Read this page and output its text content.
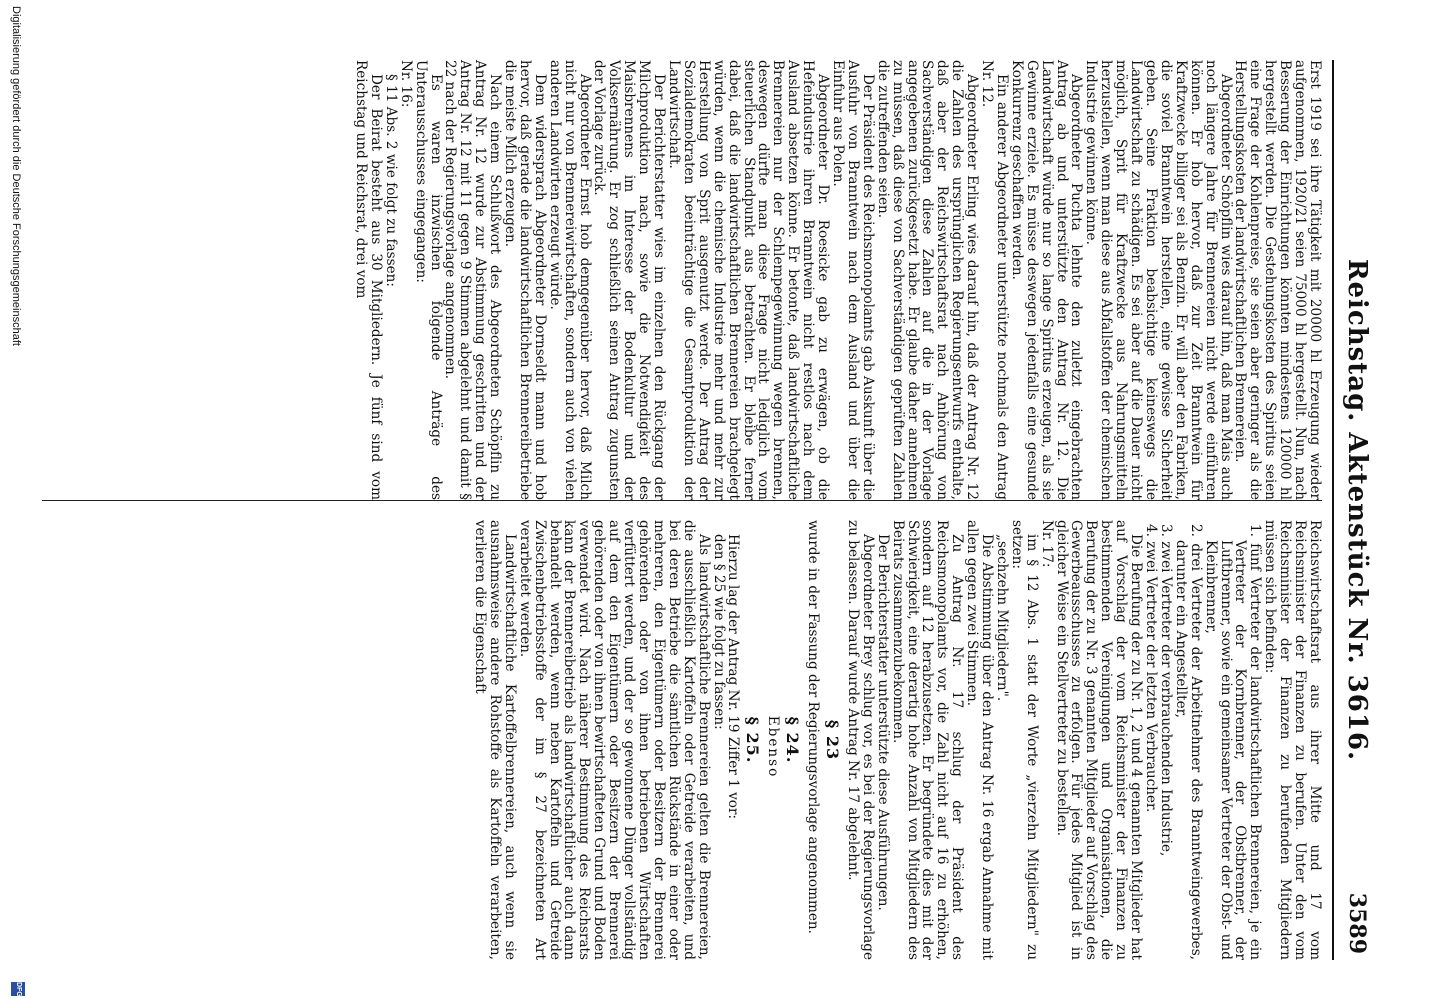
Reichstag. Aktenstück Nr. 3616.
3589

Erst 1919 sei ihre Tätigkeit mit 20000 hl Erzeugung wieder aufgenommen, 1920/21 seien 75000 hl hergestellt. Nun, nach Besserung der Einrichtungen könnten mindestens 120000 hl hergestellt werden. Die Gestehungskosten des Spiritus seien eine Frage der Kohlenpreise, sie seien aber geringer als die Herstellungskosten der landwirtschaftlichen Brennereien.

Abgeordneter Schöpflin wies darauf hin, daß man Mais auch noch längere Jahre für Brennereien nicht werde einführen können. Er hob hervor, daß zur Zeit Branntwein für Kraftzwecke billiger sei als Benzin. Er will aber den Fabriken, die soviel Branntwein herstellen, eine gewisse Sicherheit geben. Seine Fraktion beabsichtige keineswegs die Landwirtschaft zu schädigen. Es sei aber auf die Dauer nicht möglich, Sprit für Kraftzwecke aus Nahrungsmitteln herzustellen, wenn man diese aus Abfallstoffen der chemischen Industrie gewinnen könne.

Abgeordneter Puchta lehnte den zuletzt eingebrachten Antrag ab und unterstützte den Antrag Nr. 12. Die Landwirtschaft würde nur so lange Spiritus erzeugen, als sie Gewinne erziele. Es müsse deswegen jedenfalls eine gesunde Konkurrenz geschaffen werden.

Ein anderer Abgeordneter unterstützte nochmals den Antrag Nr. 12.

Abgeordneter Erling wies darauf hin, daß der Antrag Nr. 12 die Zahlen des ursprünglichen Regierungsentwurfs enthalte, daß aber der Reichswirtschaftsrat nach Anhörung von Sachverständigen diese Zahlen auf die in der Vorlage angegebenen zurückgesetzt habe. Er glaube daher annehmen zu müssen, daß diese von Sachverständigen geprüften Zahlen die zutreffenden seien.

Der Präsident des Reichsmonopolamts gab Auskunft über die Ausfuhr von Branntwein nach dem Ausland und über die Einfuhr aus Polen.

Abgeordneter Dr. Roesicke gab zu erwägen, ob die Hefeindustrie ihren Branntwein nicht restlos nach dem Ausland absetzen könne. Er betonte, daß landwirtschaftliche Brennereien nur der Schlempegewinnung wegen brennen, deswegen dürfte man diese Frage nicht lediglich vom steuerlichen Standpunkt aus betrachten. Er bleibe ferner dabei, daß die landwirtschaftlichen Brennereien brachgelegt würden, wenn die chemische Industrie mehr und mehr zur Herstellung von Sprit ausgenutzt werde. Der Antrag der Sozialdemokraten beeinträchtige die Gesamtproduktion der Landwirtschaft.

Der Berichterstatter wies im einzelnen den Rückgang der Milchproduktion nach, sowie die Notwendigkeit des Maisbrennens im Interesse der Bodenkultur und der Volksernährung. Er zog schließlich seinen Antrag zugunsten der Vorlage zurück.

Abgeordneter Ernst hob demgegenüber hervor, daß Milch nicht nur von Brennereiwirtschaften, sondern auch von vielen anderen Landwirten erzeugt würde.

Dem widersprach Abgeordneter Dornseldt mann und hob hervor, daß gerade die landwirtschaftlichen Brennereibetriebe die meiste Milch erzeugen.

Nach einem Schlußwort des Abgeordneten Schöpflin zu Antrag Nr. 12 wurde zur Abstimmung geschritten und der Antrag Nr. 12 mit 11 gegen 9 Stimmen abgelehnt und damit § 22 nach der Regierungsvorlage angenommen.

Es waren inzwischen folgende Anträge des Unterausschusses eingegangen:

Nr. 16:

§ 11 Abs. 2 wie folgt zu fassen:

Der Beirat besteht aus 30 Mitgliedern. Je fünf sind vom Reichstag und Reichsrat, drei vom

Reichswirtschaftsrat aus ihrer Mitte und 17 vom Reichsminister der Finanzen zu berufen. Unter den vom Reichsminister der Finanzen zu berufenden Mitgliedern müssen sich befinden:

1. fünf Vertreter der landwirtschaftlichen Brennereien, je ein Vertreter der Kornbrenner, der Obstbrenner, der Luftbrenner, sowie ein gemeinsamer Vertreter der Obst- und Kleinbrenner,

2. drei Vertreter der Arbeitnehmer des Branntweingewerbes, darunter ein Angestellter,

3. zwei Vertreter der verbrauchenden Industrie,

4. zwei Vertreter der letzten Verbraucher.

Die Berufung der zu Nr. 1, 2 und 4 genannten Mitglieder hat auf Vorschlag der vom Reichsminister der Finanzen zu bestimmenden Vereinigungen und Organisationen, die Berufung der zu Nr. 3 genannten Mitglieder auf Vorschlag des Gewerbeausschusses zu erfolgen. Für jedes Mitglied ist in gleicher Weise ein Stellvertreter zu bestellen.

Nr. 17:

im § 12 Abs. 1 statt der Worte „vierzehn Mitgliedern" zu setzen:

„sechzehn Mitgliedern".

Die Abstimmung über den Antrag Nr. 16 ergab Annahme mit allen gegen zwei Stimmen.

Zu Antrag Nr. 17 schlug der Präsident des Reichsmonopolamts vor, die Zahl nicht auf 16 zu erhöhen, sondern auf 12 herabzusetzen. Er begründete dies mit der Schwierigkeit, eine derartig hohe Anzahl von Mitgliedern des Beirats zusammenzubekommen.

Der Berichterstatter unterstützte diese Ausführungen.

Abgeordneter Brey schlug vor, es bei der Regierungsvorlage zu belassen. Darauf wurde Antrag Nr. 17 abgelehnt.

§ 23

wurde in der Fassung der Regierungsvorlage angenommen.

§ 24.

Ebenso

§ 25.

Hierzu lag der Antrag Nr. 19 Ziffer 1 vor:

den § 25 wie folgt zu fassen:

Als landwirtschaftliche Brennereien gelten die Brennereien, die ausschließlich Kartoffeln oder Getreide verarbeiten, und bei deren Betriebe die sämtlichen Rückstände in einer oder mehreren, den Eigentümern oder Besitzern der Brennerei gehörenden oder von ihnen betriebenen Wirtschaften verfüttert werden, und der so gewonnene Dünger vollständig auf dem den Eigentümern oder Besitzern der Brennerei gehörenden oder von ihnen bewirtschafteten Grund und Boden verwendet wird. Nach näherer Bestimmung des Reichsrats kann der Brennereibetrieb als landwirtschaftlicher auch dann behandelt werden, wenn neben Kartoffeln und Getreide Zwischenbetriebsstoffe der im § 27 bezeichneten Art verarbeitet werden.

Landwirtschaftliche Kartoffelbrennereien, auch wenn sie ausnahmsweise andere Rohstoffe als Kartoffeln verarbeiten, verlieren die Eigenschaft

Digitalisierung gefördert durch die Deutsche Forschungsgemeinschaft
DFG
